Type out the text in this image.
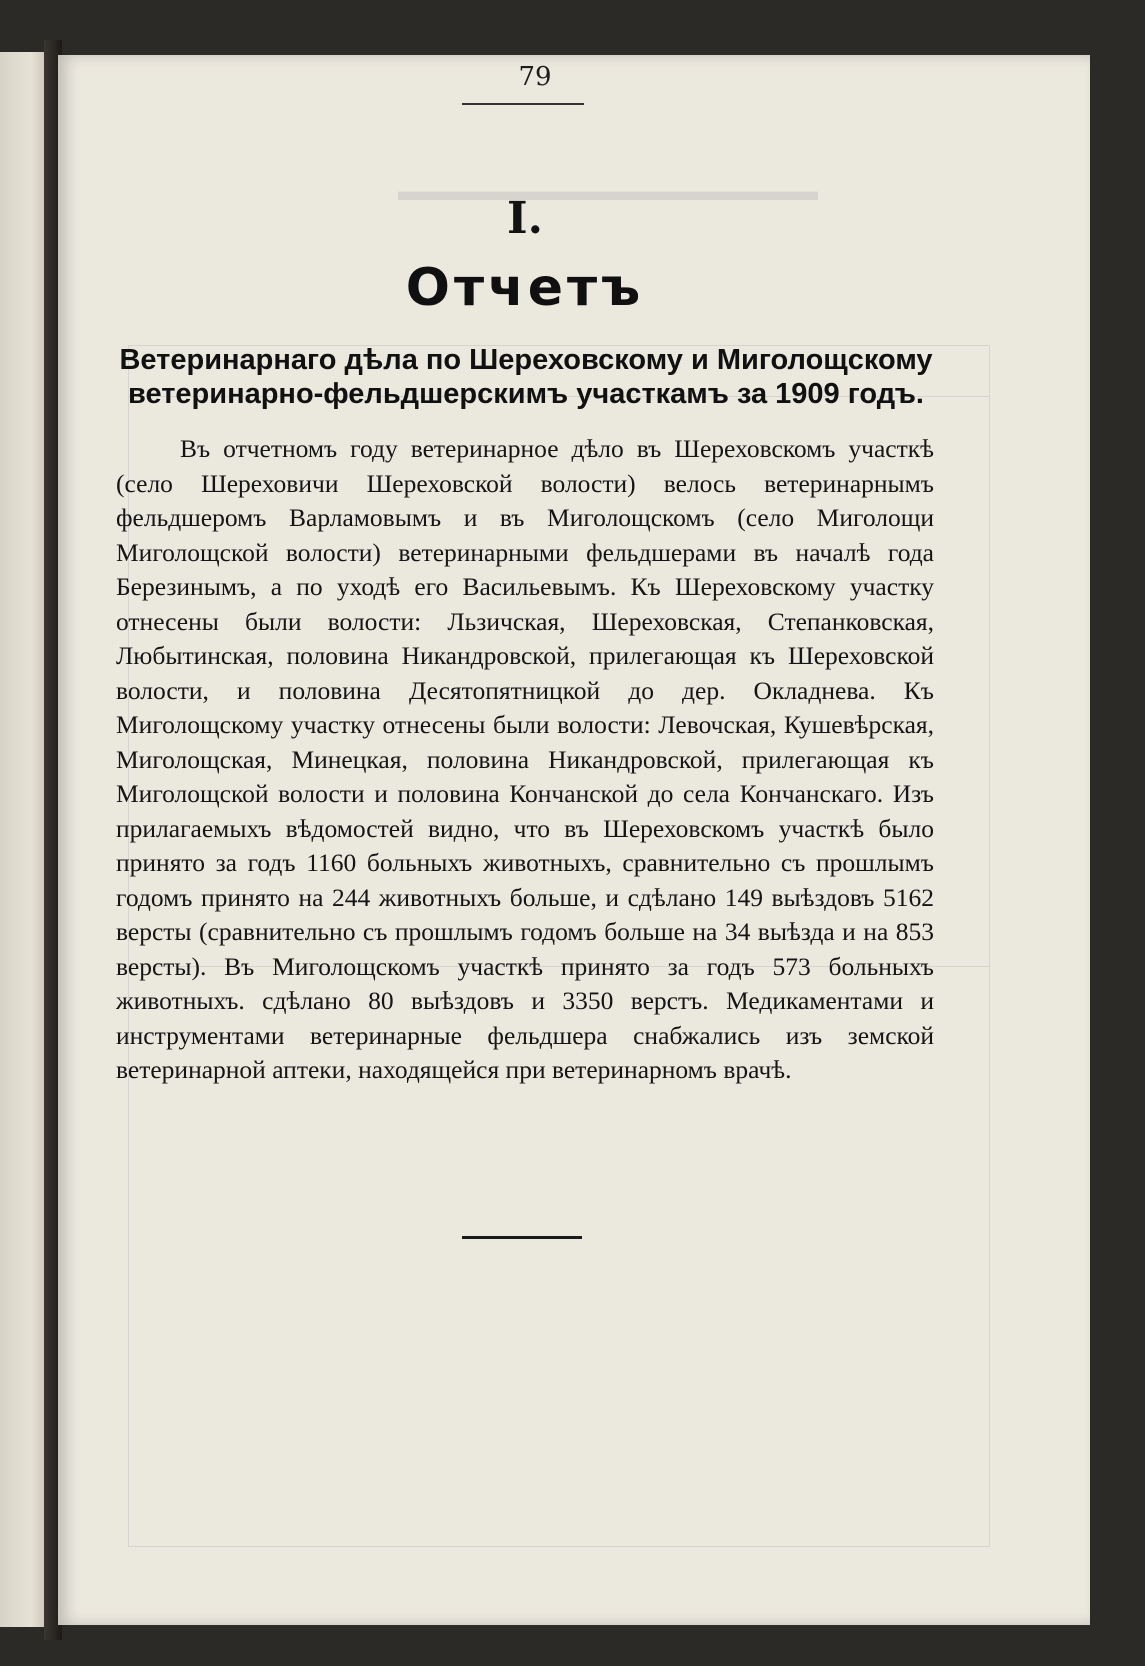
▬▬▬▬▬▬▬▬▬▬▬▬▬▬▬
79
I.
Отчетъ
Ветеринарнаго дѣла по Шереховскому и Миголощскому ветеринарно-фельдшерскимъ участкамъ за 1909 годъ.

Въ отчетномъ годy ветеринарное дѣло въ Шереховскомъ участкѣ (село Шереховичи Шереховской волости) велось ветеринарнымъ фельдшеромъ Варламовымъ и въ Миголощскомъ (село Миголощи Миголощской волости) ветеринарными фельдшерами въ началѣ года Березинымъ, а по уходѣ его Васильевымъ. Къ Шереховскому участку отнесены были волости: Льзичская, Шереховская, Степанковская, Любытинская, половина Никандровской, прилегающая къ Шереховской волости, и половина Десятопятницкой до дер. Окладнева. Къ Миголощскому участку отнесены были волости: Левочская, Кушевѣрская, Миголощская, Минецкая, половина Никандровской, прилегающая къ Миголощской волости и половина Кончанской до села Кончанскаго. Изъ прилагаемыхъ вѣдомостей видно, что въ Шереховскомъ участкѣ было принято за годъ 1160 больныхъ животныхъ, сравнительно съ прошлымъ годомъ принято на 244 животныхъ больше, и сдѣлано 149 выѣздовъ 5162 версты (сравнительно съ прошлымъ годомъ больше на 34 выѣзда и на 853 версты). Въ Миголощскомъ участкѣ принято за годъ 573 больныхъ животныхъ. сдѣлано 80 выѣздовъ и 3350 верстъ. Медикаментами и инструментами ветеринарные фельдшера снабжались изъ земской ветеринарной аптеки, находящейся при ветеринарномъ врачѣ.
